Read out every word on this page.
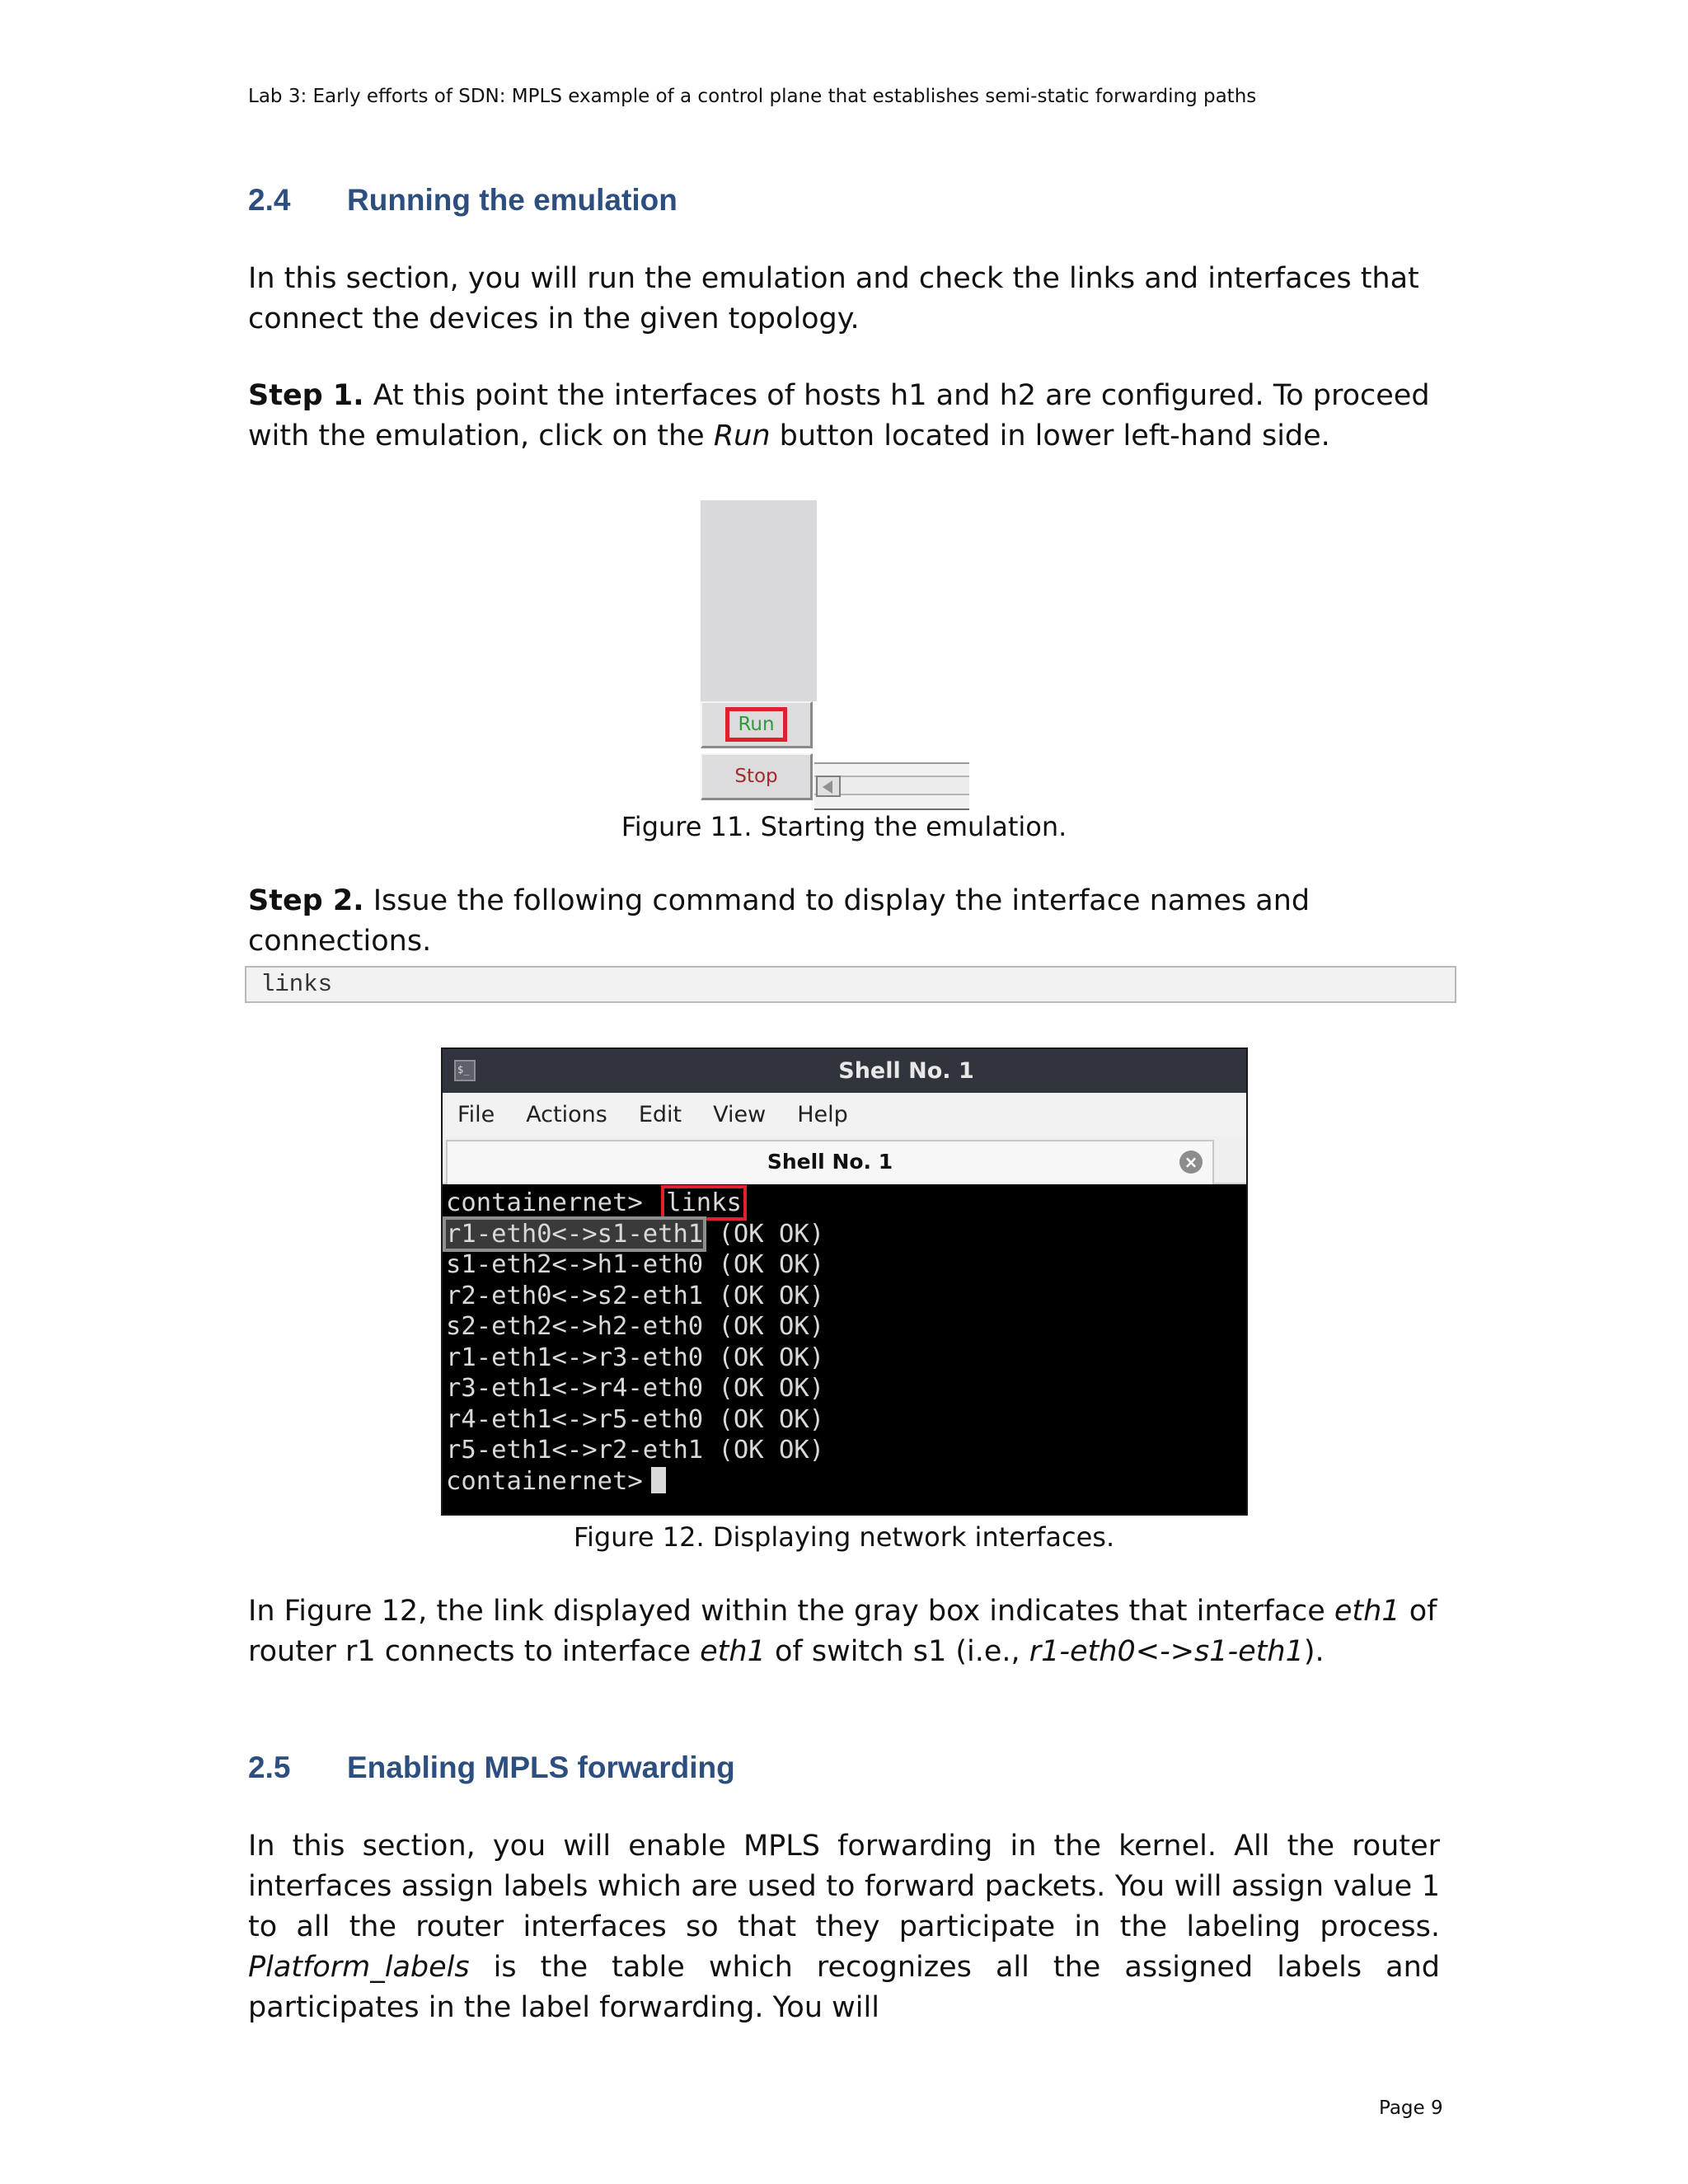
Lab 3: Early efforts of SDN: MPLS example of a control plane that establishes semi-static forwarding paths
2.4 Running the emulation
In this section, you will run the emulation and check the links and interfaces that connect the devices in the given topology.
Step 1. At this point the interfaces of hosts h1 and h2 are configured. To proceed with the emulation, click on the Run button located in lower left-hand side.
Run
Stop
Figure 11. Starting the emulation.
Step 2. Issue the following command to display the interface names and connections.
links
$_	Shell No. 1
File Actions Edit View Help
Shell No. 1	×
containernet> links
r1-eth0<->s1-eth1 (OK OK)
s1-eth2<->h1-eth0 (OK OK)
r2-eth0<->s2-eth1 (OK OK)
s2-eth2<->h2-eth0 (OK OK)
r1-eth1<->r3-eth0 (OK OK)
r3-eth1<->r4-eth0 (OK OK)
r4-eth1<->r5-eth0 (OK OK)
r5-eth1<->r2-eth1 (OK OK)
containernet>
Figure 12. Displaying network interfaces.
In Figure 12, the link displayed within the gray box indicates that interface eth1 of router r1 connects to interface eth1 of switch s1 (i.e., r1-eth0<->s1-eth1).
2.5 Enabling MPLS forwarding
In this section, you will enable MPLS forwarding in the kernel. All the router interfaces assign labels which are used to forward packets. You will assign value 1 to all the router interfaces so that they participate in the labeling process. Platform_labels is the table which recognizes all the assigned labels and participates in the label forwarding. You will
Page 9
